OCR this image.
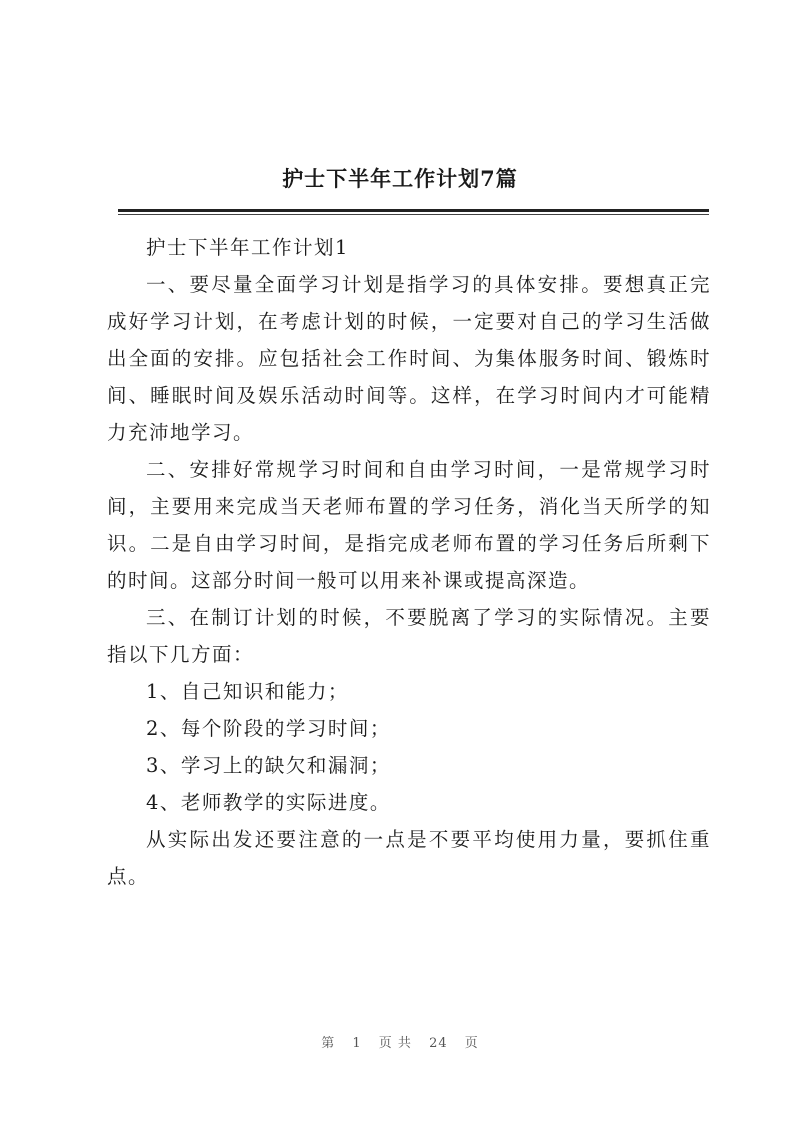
护士下半年工作计划7篇

护士下半年工作计划1

一、要尽量全面学习计划是指学习的具体安排。要想真正完成好学习计划，在考虑计划的时候，一定要对自己的学习生活做出全面的安排。应包括社会工作时间、为集体服务时间、锻炼时间、睡眠时间及娱乐活动时间等。这样，在学习时间内才可能精力充沛地学习。

二、安排好常规学习时间和自由学习时间，一是常规学习时间，主要用来完成当天老师布置的学习任务，消化当天所学的知识。二是自由学习时间，是指完成老师布置的学习任务后所剩下的时间。这部分时间一般可以用来补课或提高深造。

三、在制订计划的时候，不要脱离了学习的实际情况。主要指以下几方面：

1、自己知识和能力；

2、每个阶段的学习时间；

3、学习上的缺欠和漏洞；

4、老师教学的实际进度。

从实际出发还要注意的一点是不要平均使用力量，要抓住重点。

第 1 页 共 24 页
